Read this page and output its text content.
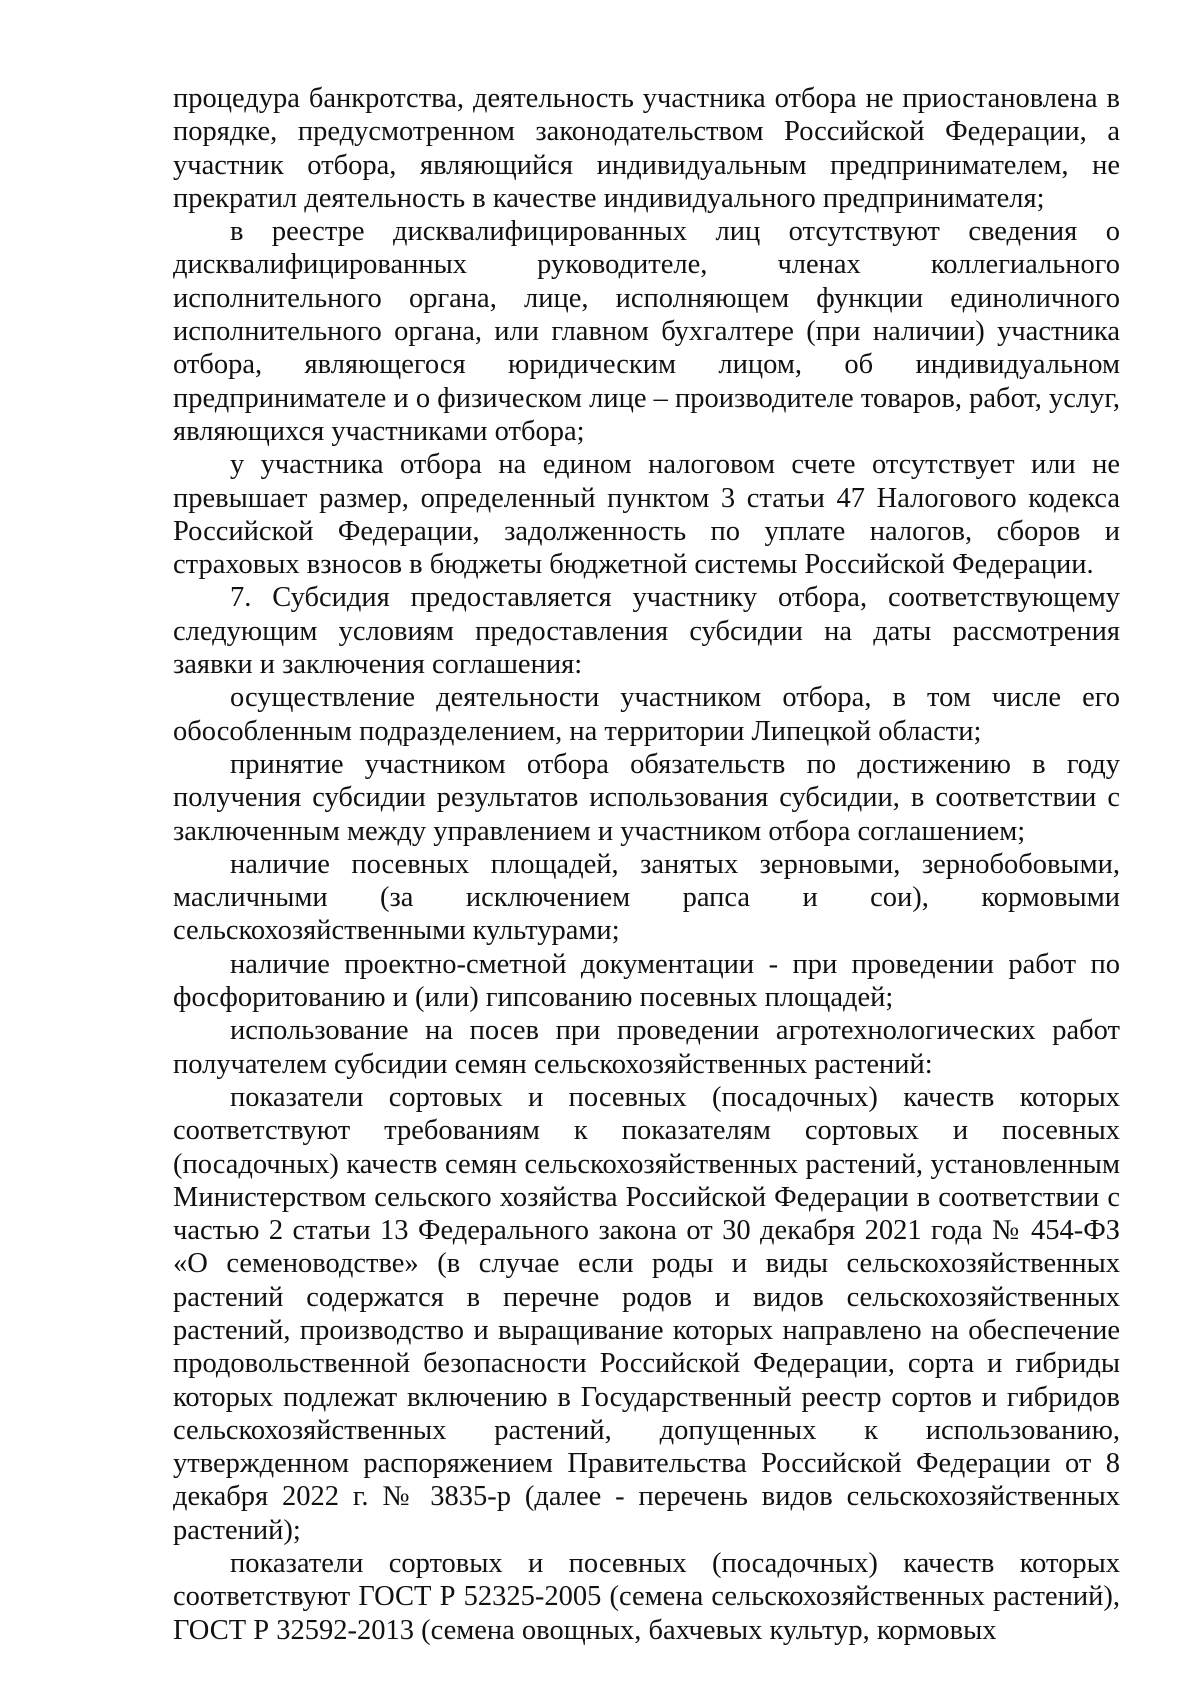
процедура банкротства, деятельность участника отбора не приостановлена в порядке, предусмотренном законодательством Российской Федерации, а участник отбора, являющийся индивидуальным предпринимателем, не прекратил деятельность в качестве индивидуального предпринимателя;

в реестре дисквалифицированных лиц отсутствуют сведения о дисквалифицированных руководителе, членах коллегиального исполнительного органа, лице, исполняющем функции единоличного исполнительного органа, или главном бухгалтере (при наличии) участника отбора, являющегося юридическим лицом, об индивидуальном предпринимателе и о физическом лице – производителе товаров, работ, услуг, являющихся участниками отбора;

у участника отбора на едином налоговом счете отсутствует или не превышает размер, определенный пунктом 3 статьи 47 Налогового кодекса Российской Федерации, задолженность по уплате налогов, сборов и страховых взносов в бюджеты бюджетной системы Российской Федерации.

7. Субсидия предоставляется участнику отбора, соответствующему следующим условиям предоставления субсидии на даты рассмотрения заявки и заключения соглашения:

осуществление деятельности участником отбора, в том числе его обособленным подразделением, на территории Липецкой области;

принятие участником отбора обязательств по достижению в году получения субсидии результатов использования субсидии, в соответствии с заключенным между управлением и участником отбора соглашением;

наличие посевных площадей, занятых зерновыми, зернобобовыми, масличными (за исключением рапса и сои), кормовыми сельскохозяйственными культурами;

наличие проектно-сметной документации - при проведении работ по фосфоритованию и (или) гипсованию посевных площадей;

использование на посев при проведении агротехнологических работ получателем субсидии семян сельскохозяйственных растений:

показатели сортовых и посевных (посадочных) качеств которых соответствуют требованиям к показателям сортовых и посевных (посадочных) качеств семян сельскохозяйственных растений, установленным Министерством сельского хозяйства Российской Федерации в соответствии с частью 2 статьи 13 Федерального закона от 30 декабря 2021 года № 454-ФЗ «О семеноводстве» (в случае если роды и виды сельскохозяйственных растений содержатся в перечне родов и видов сельскохозяйственных растений, производство и выращивание которых направлено на обеспечение продовольственной безопасности Российской Федерации, сорта и гибриды которых подлежат включению в Государственный реестр сортов и гибридов сельскохозяйственных растений, допущенных к использованию, утвержденном распоряжением Правительства Российской Федерации от 8 декабря 2022 г. № 3835-р (далее - перечень видов сельскохозяйственных растений);

показатели сортовых и посевных (посадочных) качеств которых соответствуют ГОСТ Р 52325-2005 (семена сельскохозяйственных растений), ГОСТ Р 32592-2013 (семена овощных, бахчевых культур, кормовых
